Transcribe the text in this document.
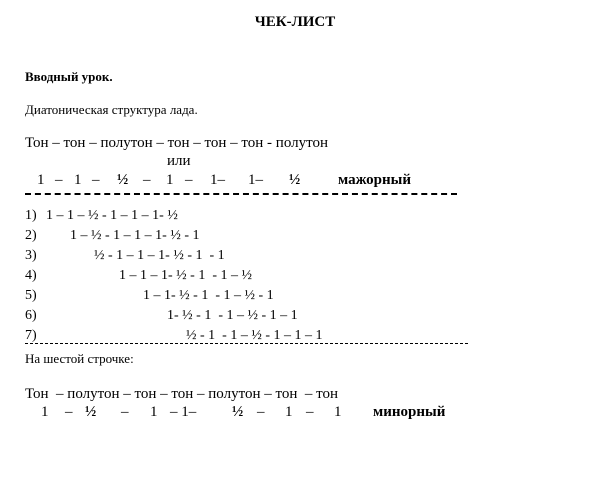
ЧЕК-ЛИСТ
Вводный урок.
Диатоническая структура лада.
Тон – тон – полутон – тон – тон – тон - полутон
или
1 – 1 – ½ – 1 – 1– 1– ½	мажорный
1) 1 – 1 – ½ - 1 – 1 – 1- ½
2) 1 – ½ - 1 – 1 – 1- ½ - 1
3)	½ - 1 – 1 – 1- ½ - 1  - 1
4)	1 – 1 – 1- ½ - 1  - 1 – ½
5)	1 – 1- ½ - 1  - 1 – ½ - 1
6)	1- ½ - 1  - 1 – ½ - 1 – 1
7)	½ - 1  - 1 – ½ - 1 – 1 – 1
На шестой строчке:
Тон  – полутон – тон – тон – полутон – тон  – тон
1 – ½ – 1 – 1– ½ – 1 – 1 минорный
